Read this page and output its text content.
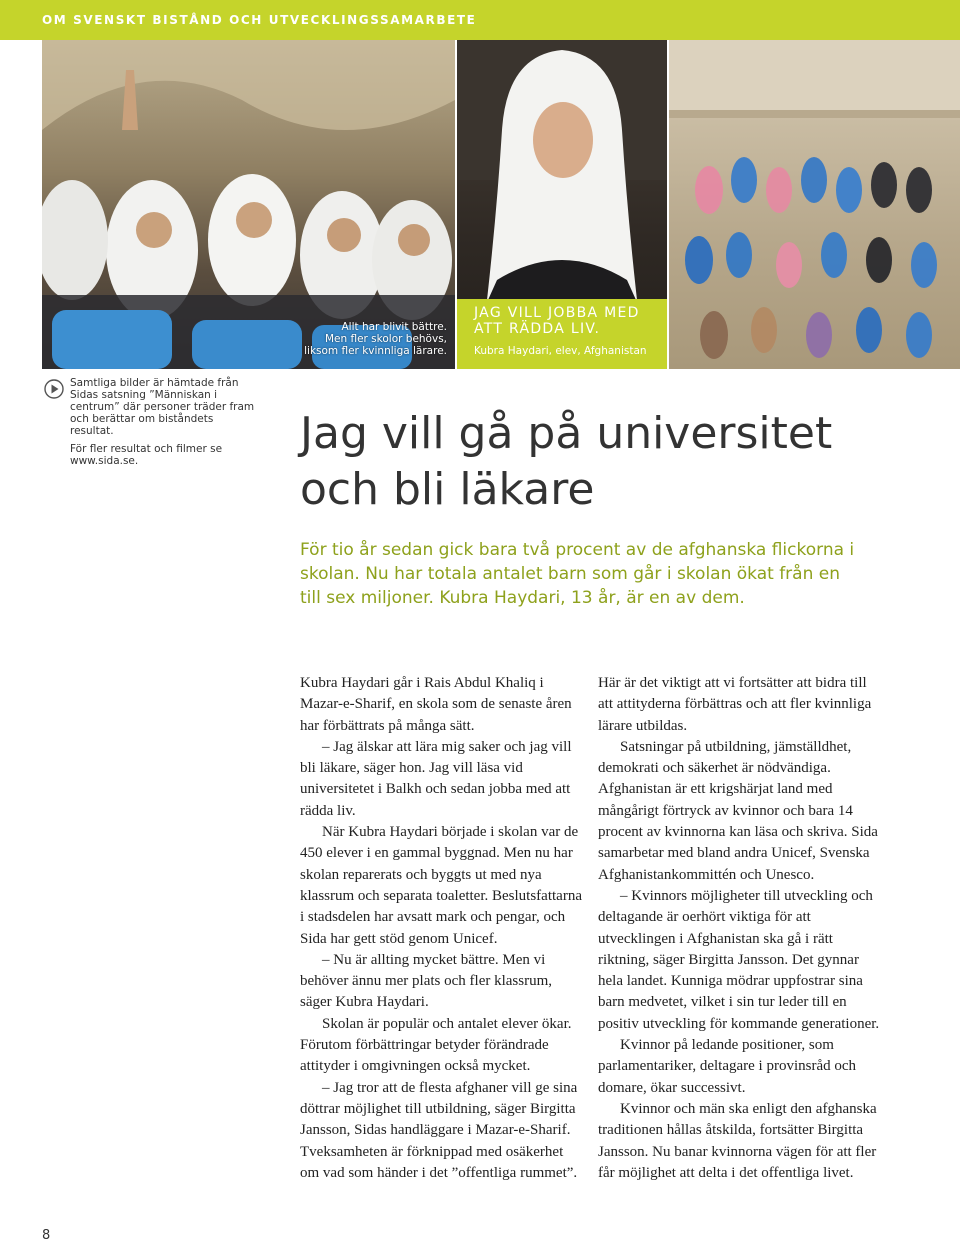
OM SVENSKT BISTÅND OCH UTVECKLINGSSAMARBETE
Allt har blivit bättre.
Men fler skolor behövs,
liksom fler kvinnliga lärare.
JAG VILL JOBBA MED
ATT RÄDDA LIV.
Kubra Haydari, elev, Afghanistan

Samtliga bilder är hämtade från Sidas satsning ”Människan i centrum” där personer träder fram och berättar om biståndets resultat.

För fler resultat och filmer se www.sida.se.

Jag vill gå på universitet
och bli läkare

För tio år sedan gick bara två procent av de afghanska flickorna i skolan. Nu har totala antalet barn som går i skolan ökat från en till sex miljoner. Kubra Haydari, 13 år, är en av dem.

Kubra Haydari går i Rais Abdul Khaliq i Mazar-e-Sharif, en skola som de senaste åren har förbättrats på många sätt.

– Jag älskar att lära mig saker och jag vill bli läkare, säger hon. Jag vill läsa vid universitetet i Balkh och sedan jobba med att rädda liv.

När Kubra Haydari började i skolan var de 450 elever i en gammal byggnad. Men nu har skolan reparerats och byggts ut med nya klassrum och separata toaletter. Beslutsfattarna i stadsdelen har avsatt mark och pengar, och Sida har gett stöd genom Unicef.

– Nu är allting mycket bättre. Men vi behöver ännu mer plats och fler klassrum, säger Kubra Haydari.

Skolan är populär och antalet elever ökar. Förutom förbättringar betyder förändrade attityder i omgivningen också mycket.

– Jag tror att de flesta afghaner vill ge sina döttrar möjlighet till utbildning, säger Birgitta Jansson, Sidas handläggare i Mazar-e-Sharif. Tveksamheten är förknippad med osäkerhet om vad som händer i det ”offentliga rummet”.

Här är det viktigt att vi fortsätter att bidra till att attityderna förbättras och att fler kvinnliga lärare utbildas.

Satsningar på utbildning, jämställdhet, demokrati och säkerhet är nödvändiga. Afghanistan är ett krigshärjat land med mångårigt förtryck av kvinnor och bara 14 procent av kvinnorna kan läsa och skriva. Sida samarbetar med bland andra Unicef, Svenska Afghanistankommittén och Unesco.

– Kvinnors möjligheter till utveckling och deltagande är oerhört viktiga för att utvecklingen i Afghanistan ska gå i rätt riktning, säger Birgitta Jansson. Det gynnar hela landet. Kunniga mödrar uppfostrar sina barn medvetet, vilket i sin tur leder till en positiv utveckling för kommande generationer.

Kvinnor på ledande positioner, som parlamentariker, deltagare i provinsråd och domare, ökar successivt.

Kvinnor och män ska enligt den afghanska traditionen hållas åtskilda, fortsätter Birgitta Jansson. Nu banar kvinnorna vägen för att fler får möjlighet att delta i det offentliga livet.

8
